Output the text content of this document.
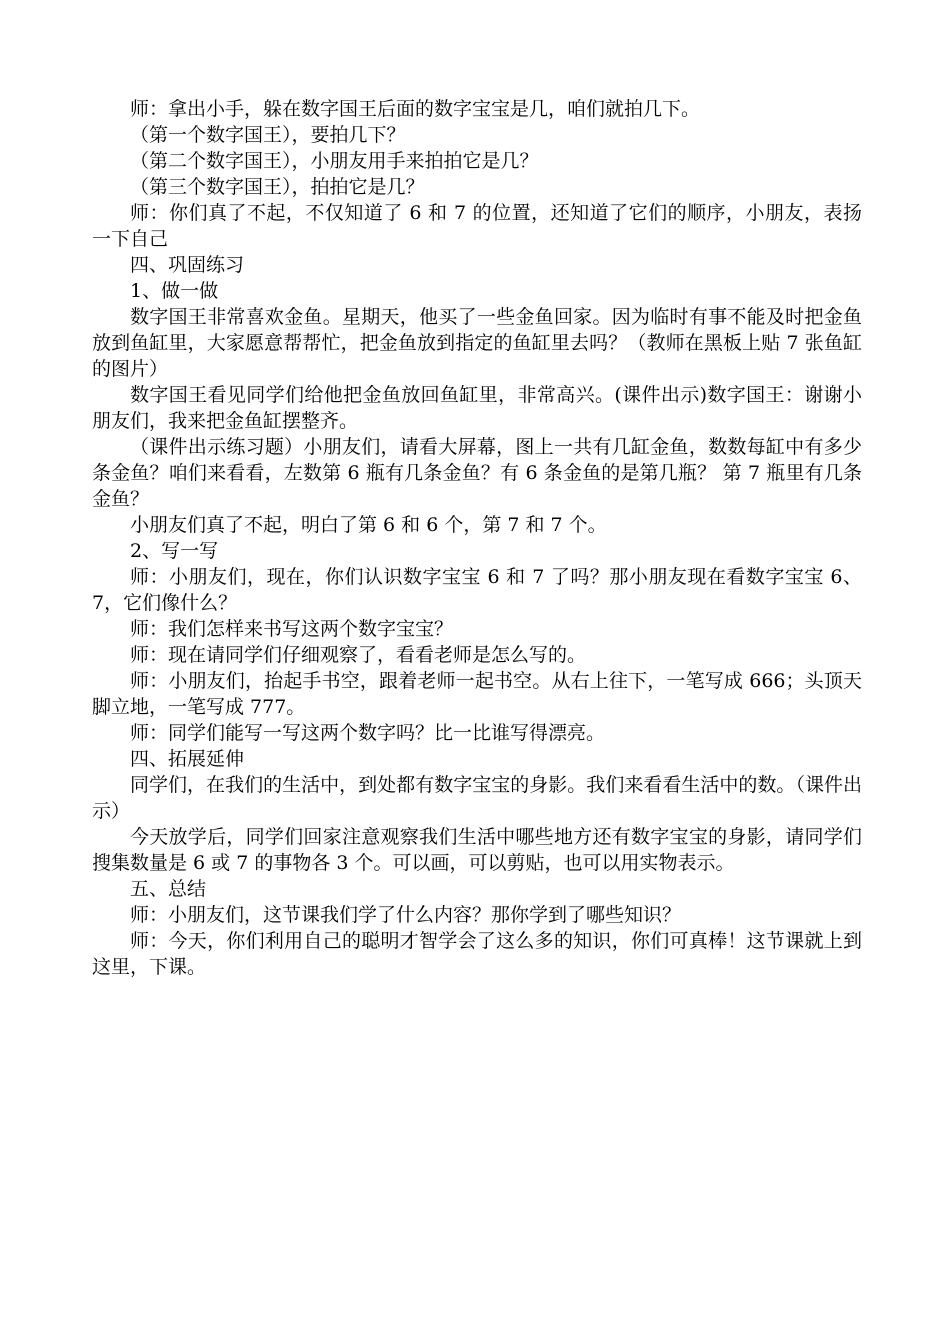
师：拿出小手，躲在数字国王后面的数字宝宝是几，咱们就拍几下。

（第一个数字国王），要拍几下？

（第二个数字国王），小朋友用手来拍拍它是几？

（第三个数字国王），拍拍它是几？

师：你们真了不起，不仅知道了 6 和 7 的位置，还知道了它们的顺序，小朋友，表扬一下自己

四、巩固练习

1、做一做

数字国王非常喜欢金鱼。星期天，他买了一些金鱼回家。因为临时有事不能及时把金鱼放到鱼缸里，大家愿意帮帮忙，把金鱼放到指定的鱼缸里去吗？（教师在黑板上贴 7 张鱼缸的图片）

数字国王看见同学们给他把金鱼放回鱼缸里，非常高兴。(课件出示)数字国王：谢谢小朋友们，我来把金鱼缸摆整齐。

（课件出示练习题）小朋友们，请看大屏幕，图上一共有几缸金鱼，数数每缸中有多少条金鱼？咱们来看看，左数第 6 瓶有几条金鱼？有 6 条金鱼的是第几瓶？ 第 7 瓶里有几条金鱼？

小朋友们真了不起，明白了第 6 和 6 个，第 7 和 7 个。

2、写一写

师：小朋友们，现在，你们认识数字宝宝 6 和 7 了吗？那小朋友现在看数字宝宝 6、7，它们像什么？

师：我们怎样来书写这两个数字宝宝？

师：现在请同学们仔细观察了，看看老师是怎么写的。

师：小朋友们，抬起手书空，跟着老师一起书空。从右上往下，一笔写成 666；头顶天脚立地，一笔写成 777。

师：同学们能写一写这两个数字吗？比一比谁写得漂亮。

四、拓展延伸

同学们，在我们的生活中，到处都有数字宝宝的身影。我们来看看生活中的数。（课件出示）

今天放学后，同学们回家注意观察我们生活中哪些地方还有数字宝宝的身影，请同学们搜集数量是 6 或 7 的事物各 3 个。可以画，可以剪贴，也可以用实物表示。

五、总结

师：小朋友们，这节课我们学了什么内容？那你学到了哪些知识？

师：今天，你们利用自己的聪明才智学会了这么多的知识，你们可真棒！这节课就上到这里，下课。
